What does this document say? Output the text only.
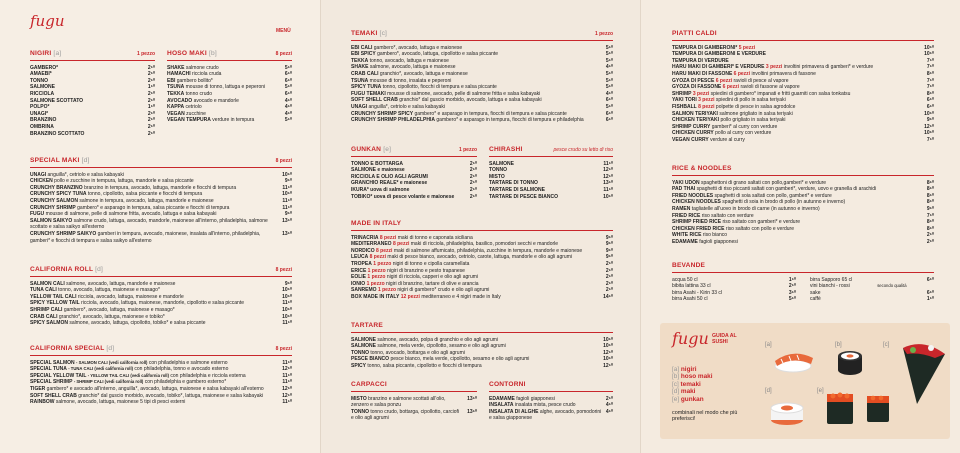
fugu
MENÙ
NIGIRI [a]	1 pezzo
GAMBERO*	2⁵⁰
AMAEBI*	2⁵⁰
TONNO	2⁵⁰
SALMONE	1⁵⁰
RICCIOLA	2⁵⁰
SALMONE SCOTTATO	2⁵⁰
POLPO*	1⁵⁰
UNAGI*	2⁵⁰
BRANZINO	2⁵⁰
OMBRINA	2⁵⁰
BRANZINO SCOTTATO	2⁵⁰
HOSO MAKI [b]	8 pezzi
SHAKE salmone crudo	5⁵⁰
HAMACHI ricciola cruda	6⁵⁰
EBI gambero bollito*	6⁵⁰
TSUNA mousse di tonno, lattuga e peperoni	5⁵⁰
TEKKA tonno crudo	6⁵⁰
AVOCADO avocado e mandorle	4⁵⁰
KAPPA cetriolo	4⁵⁰
VEGAN zucchine	4⁵⁰
VEGAN TEMPURA verdure in tempura	5⁵⁰
SPECIAL MAKI [d]	8 pezzi
UNAGI anguilla*, cetriolo e salsa kabayaki	10⁵⁰
CHICKEN pollo e zucchine in tempura, lattuga, mandorle e salsa piccante	9⁵⁰
CRUNCHY BRANZINO branzino in tempura, avocado, lattuga, mandorle e fiocchi di tempura	11⁵⁰
CRUNCHY SPICY TUNA tonno, cipollotto, salsa piccante e fiocchi di tempura	10⁵⁰
CRUNCHY SALMON salmone in tempura, avocado, lattuga, mandorle e maionese	11⁵⁰
CRUNCHY SHRIMP gambero* e asparago in tempura, salsa piccante e fiocchi di tempura	11⁵⁰
FUGU mousse di salmone, pelle di salmone fritta, avocado, lattuga e salsa kabayaki	9⁵⁰
SALMON SAIKYO salmone crudo, lattuga, avocado, mandorle, maionese all'interno, philadelphia, salmone scottato e salsa saikyo all'esterno
13⁵⁰
CRUNCHY SHRIMP SAIKYO gamberi in tempura, avocado, maionese, insalata all'interno, philadelphia, gamberi* e fiocchi di tempura e salsa saikyo all'esterno
13⁵⁰
CALIFORNIA ROLL [d]	8 pezzi
SALMON CALI salmone, avocado, lattuga, mandorle e maionese	9⁵⁰
TUNA CALI tonno, avocado, lattuga, maionese e masago*	10⁵⁰
YELLOW TAIL CALI ricciola, avocado, lattuga, maionese e mandorle	10⁵⁰
SPICY YELLOW TAIL ricciola, avocado, lattuga, maionese, mandorle, cipollotto e salsa piccante	11⁵⁰
SHRIMP CALI gambero*, avocado, lattuga, maionese e masago*	10⁵⁰
CRAB CALI granchio*, avocado, lattuga, maionese e tobiko*	10⁵⁰
SPICY SALMON salmone, avocado, lattuga, cipollotto, tobiko* e salsa piccante	11⁵⁰
CALIFORNIA SPECIAL [d]	8 pezzi
SPECIAL SALMON - SALMON CALI (vedi california roll) con philadelphia e salmone esterno	11⁵⁰
SPECIAL TUNA - TUNA CALI (vedi california roll) con philadelphia, tonno e avocado esterno	12⁵⁰
SPECIAL YELLOW TAIL - YELLOW TAIL CALI (vedi california roll) con philadelphia e ricciola esterna	11⁵⁰
SPECIAL SHRIMP - SHRIMP CALI (vedi california roll) con philadelphia e gambero esterno*	11⁵⁰
TIGER gambero* e avocado all'interno, anguilla*, avocado, lattuga, maionese e salsa kabayaki all'esterno	12⁵⁰
SOFT SHELL CRAB granchio* dal guscio morbido, avocado, tobiko*, lattuga, maionese e salsa kabayaki	12⁵⁰
RAINBOW salmone, avocado, lattuga, maionese 5 tipi di pesci esterni	11⁵⁰
TEMAKI [c]	1 pezzo
EBI CALI gambero*, avocado, lattuga e maionese	5⁵⁰
EBI SPICY gambero*, avocado, lattuga, cipollotto e salsa piccante	5⁵⁰
TEKKA tonno, avocado, lattuga e maionese	5⁵⁰
SHAKE salmone, avocado, lattuga e maionese	4⁵⁰
CRAB CALI granchio*, avocado, lattuga e maionese	5⁵⁰
TSUNA mousse di tonno, insalata e peperoni	5⁵⁰
SPICY TUNA tonno, cipollotto, fiocchi di tempura e salsa piccante	5⁵⁰
FUGU TEMAKI mousse di salmone, avocado, pelle di salmone fritta e salsa kabayaki	4⁵⁰
SOFT SHELL CRAB granchio* dal guscio morbido, avocado, lattuga e salsa kabayaki	6⁵⁰
UNAGI anguilla*, cetriolo e salsa kabayaki	5⁵⁰
CRUNCHY SHRIMP SPICY gambero* e asparago in tempura, fiocchi di tempura e salsa piccante	6⁵⁰
CRUNCHY SHRIMP PHILADELPHIA gambero* e asparago in tempura, fiocchi di tempura e philadelphia	6⁵⁰
GUNKAN [e]	1 pezzo
TONNO E BOTTARGA	2⁵⁰
SALMONE e maionese	2⁵⁰
RICCIOLA E OLIO AGLI AGRUMI	2⁵⁰
GRANCHIO REALE* e maionese	2⁵⁰
IKURA* uova di salmone	2⁵⁰
TOBIKO* uova di pesce volante e maionese	2⁵⁰
CHIRASHI	pesce crudo su letto di riso
SALMONE	11⁵⁰
TONNO	12⁵⁰
MISTO	12⁵⁰
TARTARE DI TONNO	13⁵⁰
TARTARE DI SALMONE	11⁵⁰
TARTARE DI PESCE BIANCO	10⁵⁰
MADE IN ITALY
TRINACRIA 8 pezzi maki di tonno e caponata siciliana	9⁵⁰
MEDITERRANEO 8 pezzi maki di ricciola, philadelphia, basilico, pomodori secchi e mandorle	9⁵⁰
NORDICO 8 pezzi maki di salmone affumicato, philadelphia, zucchine in tempura, mandorle e maionese	9⁵⁰
LEUCA 8 pezzi maki di pesce bianco, avocado, cetriolo, carote, lattuga, mandorle e olio agli agrumi	9⁵⁰
TROPEA 1 pezzo nigiri di tonno e cipolla caramellata	2⁵⁰
ERICE 1 pezzo nigiri di branzino e pesto trapanese	2⁵⁰
EOLIE 1 pezzo nigiri di ricciola, capperi e olio agli agrumi	2⁵⁰
IONIO 1 pezzo nigiri di branzino, tartare di olive e arancia	2⁵⁰
SANREMO 1 pezzo nigiri di gambero* crudo e olio agli agrumi	2⁵⁰
BOX MADE IN ITALY 12 pezzi mediterraneo e 4 nigiri made in Italy	14⁵⁰
TARTARE
SALMONE salmone, avocado, polpa di granchio e olio agli agrumi	10⁵⁰
SALMONE salmone, mela verde, cipollotto, sesamo e olio agli agrumi	10⁵⁰
TONNO tonno, avocado, bottarga e olio agli agrumi	12⁵⁰
PESCE BIANCO pesce bianco, mela verde, cipollotto, sesamo e olio agli agrumi	10⁵⁰
SPICY tonno, salsa piccante, cipollotto e fiocchi di tempura	12⁵⁰
CARPACCI
MISTO branzino e salmone scottati all'olio, zenzero e salsa ponzu
13⁵⁰
TONNO tonno crudo, bottarga, cipollotto, carciofi e olio agli agrumi
13⁵⁰
CONTORNI
EDAMAME fagioli giapponesi	2⁵⁰
INSALATA insalata mista, pesce crudo	4⁵⁰
INSALATA DI ALGHE alghe, avocado, pomodorini e salsa giapponese
4⁵⁰
PIATTI CALDI
TEMPURA DI GAMBERONI* 5 pezzi	10⁵⁰
TEMPURA DI GAMBERONI E VERDURE	10⁵⁰
TEMPURA DI VERDURE	7⁵⁰
HARU MAKI DI GAMBERI* E VERDURE 3 pezzi involtini primavera di gamberi* e verdure	7⁵⁰
HARU MAKI DI FASSONE 6 pezzi involtini primavera di fassone	8⁵⁰
GYOZA DI PESCE 6 pezzi ravioli di pesce al vapore	7⁵⁰
GYOZA DI FASSONE 6 pezzi ravioli di fassone al vapore	7⁵⁰
SHRIMP 3 pezzi spiedini di gambero* impanati e fritti guarniti con salsa tonkatsu	8⁵⁰
YAKI TORI 3 pezzi spiedini di pollo in salsa teriyaki	6⁵⁰
FISHBALL 8 pezzi polpette di pesce in salsa agrodolce	6⁵⁰
SALMON TERIYAKI salmone grigliato in salsa teriyaki	10⁵⁰
CHICKEN TERIYAKI pollo grigliato in salsa teriyaki	9⁵⁰
SHRIMP CURRY gamberi* al curry con verdure	12⁵⁰
CHICKEN CURRY pollo al curry con verdure	10⁵⁰
VEGAN CURRY verdure al curry	7⁵⁰
RICE & NOODLES
YAKI UDON spaghettoni di grano saltati con pollo,gamberi* e verdure	8⁵⁰
PAD THAI spaghetti di riso piccanti saltati con gamberi*, verdure, uovo e granella di arachidi	8⁵⁰
FRIED NOODLES spaghetti di soia saltati con pollo, gamberi* e verdure	8⁵⁰
CHICKEN NOODLES spaghetti di soia in brodo di pollo (in autunno e inverno)	8⁵⁰
RAMEN tagliatelle all'uovo in brodo di carne (in autunno e inverno)	9⁵⁰
FRIED RICE riso saltato con verdure	7⁵⁰
SHRIMP FRIED RICE riso saltato con gamberi* e verdure	8⁵⁰
CHICKEN FRIED RICE riso saltato con pollo e verdure	8⁵⁰
WHITE RICE riso bianco	2⁵⁰
EDAMAME fagioli giapponesi	2⁵⁰
BEVANDE
acqua 50 cl	1⁵⁰
bibita lattina 33 cl	2⁵⁰
birra Asahi - Kirin 33 cl	3⁵⁰
birra Asahi 50 cl	5⁵⁰
birra Sapporo 65 cl	6⁵⁰
vini bianchi - rossi	secondo qualità
sake	6⁵⁰
caffè	1⁵⁰
fugu GUIDA AL SUSHI
[a] nigiri
[b] hoso maki
[c] temaki
[d] maki
[e] gunkan
combinali nel modo che più preferisci!
[a]	[b]	[c]
[d]	[e]
